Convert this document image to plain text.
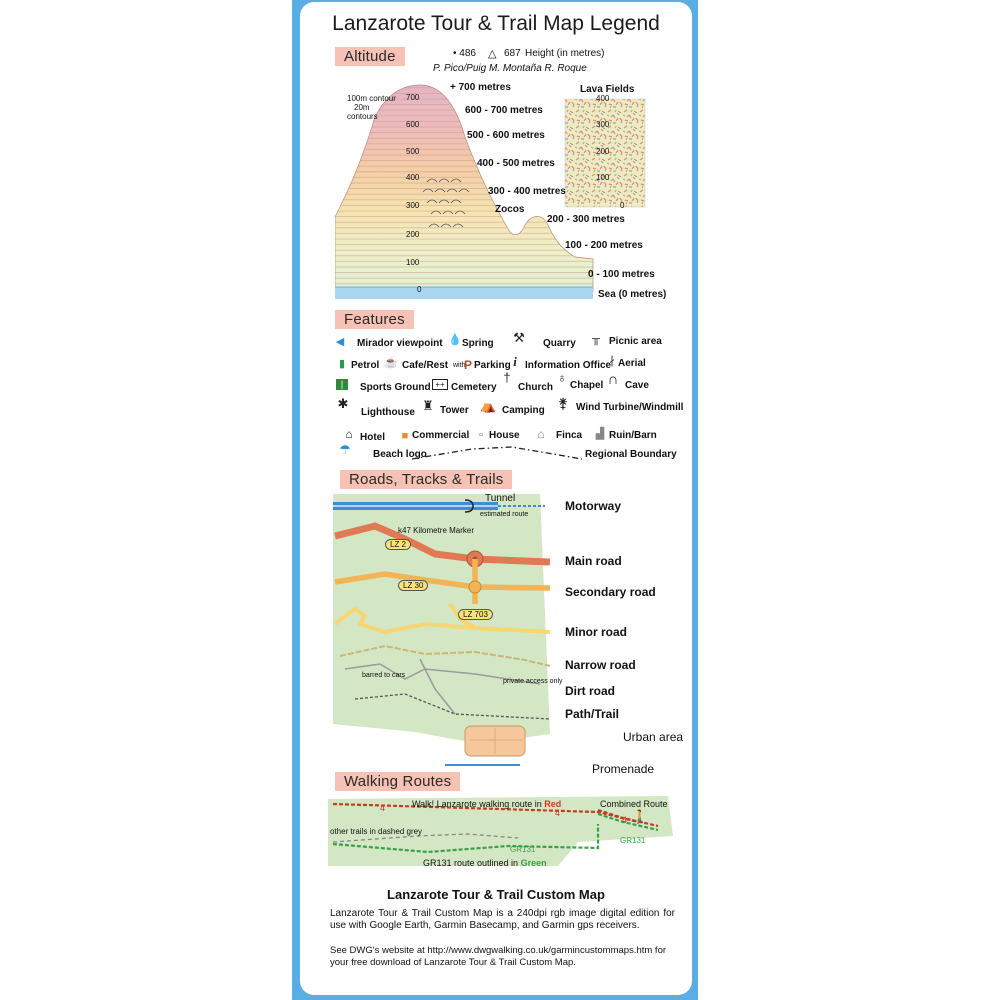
Lanzarote Tour & Trail Map Legend
Altitude	• 486 △ 687 Height (in metres)
P. Pico/Puig M. Montaña R. Roque
100m contour
20m
contours
700
600
500
400
300
200
100
0
+ 700 metres
600 - 700 metres
500 - 600 metres
400 - 500 metres
300 - 400 metres
Zocos
200 - 300 metres
100 - 200 metres
0 - 100 metres
Sea (0 metres)
Lava Fields
400
300
200
100
0
Features
◀ Mirador viewpoint 💧 Spring ⚒ Quarry ╥ Picnic area
▮ Petrol ☕ Cafe/Rest with
P Parking i Information Office
∤ Aerial
|	Sports Ground ++ Cemetery
†
Church
♁
Chapel ∩ Cave
✱
Lighthouse ♜ Tower ⛺ Camping ⚵ Wind Turbine/Windmill
⌂ Hotel	■ Commercial ▫ House ⌂	Finca ▟ Ruin/Barn
☂ Beach logo	Regional Boundary
Roads, Tracks & Trails
Tunnel
estimated route
k47 Kilometre Marker
LZ 2
LZ 30
LZ 703
barred to cars
private access only
Motorway
Main road
Secondary road
Minor road
Narrow road
Dirt road
Path/Trail
Urban area
Promenade
Walking Routes
Walk! Lanzarote walking route in Red
4	4
Combined Route
4 🚶
GR131
other trails in dashed grey
GR131
GR131 route outlined in Green
Lanzarote Tour & Trail Custom Map
Lanzarote Tour & Trail Custom Map is a 240dpi rgb image digital edition for use with Google Earth, Garmin Basecamp, and Garmin gps receivers.
See DWG's website at http://www.dwgwalking.co.uk/garmincustommaps.htm for your free download of Lanzarote Tour & Trail Custom Map.
